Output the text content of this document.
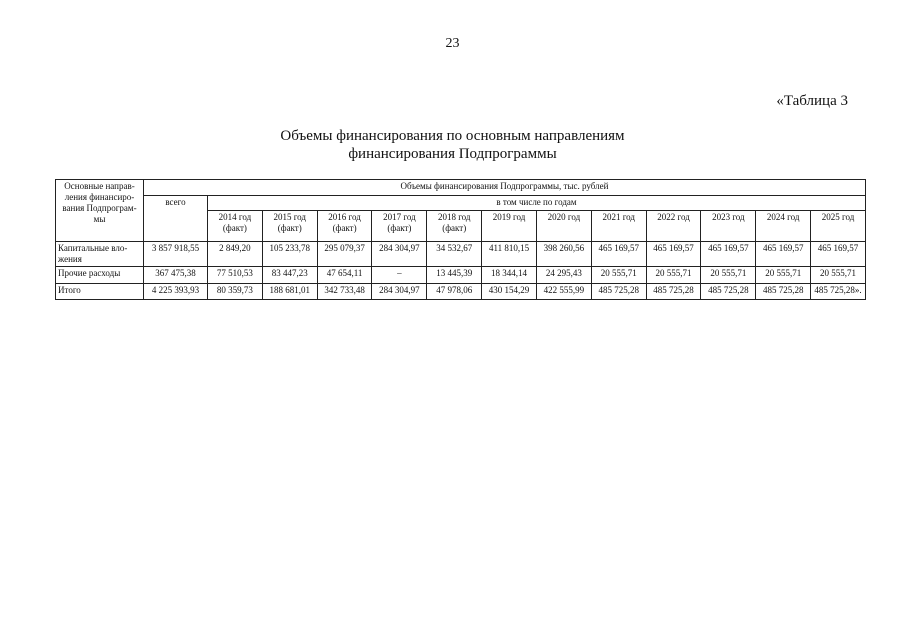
23
«Таблица 3
Объемы финансирования по основным направлениям
финансирования Подпрограммы
Основные направ-ления финансиро-вания Подпрограм-мы	Объемы финансирования Подпрограммы, тыс. рублей												
	всего	в том числе по годам											
		2014 год (факт)	2015 год (факт)	2016 год (факт)	2017 год (факт)	2018 год (факт)	2019 год	2020 год	2021 год	2022 год	2023 год	2024 год	2025 год
Капитальные вло-жения	3 857 918,55	2 849,20	105 233,78	295 079,37	284 304,97	34 532,67	411 810,15	398 260,56	465 169,57	465 169,57	465 169,57	465 169,57	465 169,57
Прочие расходы	367 475,38	77 510,53	83 447,23	47 654,11	–	13 445,39	18 344,14	24 295,43	20 555,71	20 555,71	20 555,71	20 555,71	20 555,71
Итого	4 225 393,93	80 359,73	188 681,01	342 733,48	284 304,97	47 978,06	430 154,29	422 555,99	485 725,28	485 725,28	485 725,28	485 725,28	485 725,28».
